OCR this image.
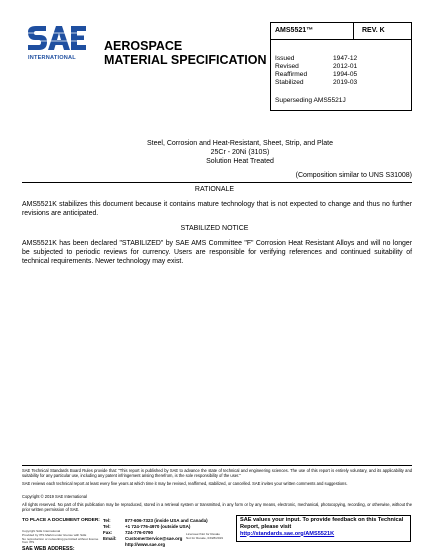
INTERNATIONAL
AEROSPACE
MATERIAL SPECIFICATION
AMS5521™	REV. K
Issued	1947-12
Revised	2012-01
Reaffirmed	1994-05
Stabilized	2019-03
Superseding AMS5521J
Steel, Corrosion and Heat-Resistant, Sheet, Strip, and Plate
25Cr - 20Ni (310S)
Solution Heat Treated
(Composition similar to UNS S31008)
RATIONALE
AMS5521K stabilizes this document because it contains mature technology that is not expected to change and thus no further revisions are anticipated.
STABILIZED NOTICE
AMS5521K has been declared "STABILIZED" by SAE AMS Committee "F" Corrosion Heat Resistant Alloys and will no longer be subjected to periodic reviews for currency. Users are responsible for verifying references and continued suitability of technical requirements. Newer technology may exist.
SAE Technical Standards Board Rules provide that: "This report is published by SAE to advance the state of technical and engineering sciences. The use of this report is entirely voluntary, and its applicability and suitability for any particular use, including any patent infringement arising therefrom, is the sole responsibility of the user."
SAE reviews each technical report at least every five years at which time it may be revised, reaffirmed, stabilized, or cancelled. SAE invites your written comments and suggestions.
Copyright © 2019 SAE International
All rights reserved. No part of this publication may be reproduced, stored in a retrieval system or transmitted, in any form or by any means, electronic, mechanical, photocopying, recording, or otherwise, without the prior written permission of SAE.
TO PLACE A DOCUMENT ORDER: Tel:	877-606-7323 (inside USA and Canada)
Tel:	+1 724-776-4970 (outside USA)
Fax:	724-776-0790
Email: CustomerService@sae.org
http://www.sae.org
Copyright SAE International
Provided by IHS Markit under license with SAE
No reproduction or networking permitted without license from IHS
Licensee=Not for Resale
Not for Resale, 03/28/2019
SAE values your input. To provide feedback on this Technical Report, please visit
http://standards.sae.org/AMS5521K
SAE WEB ADDRESS:
